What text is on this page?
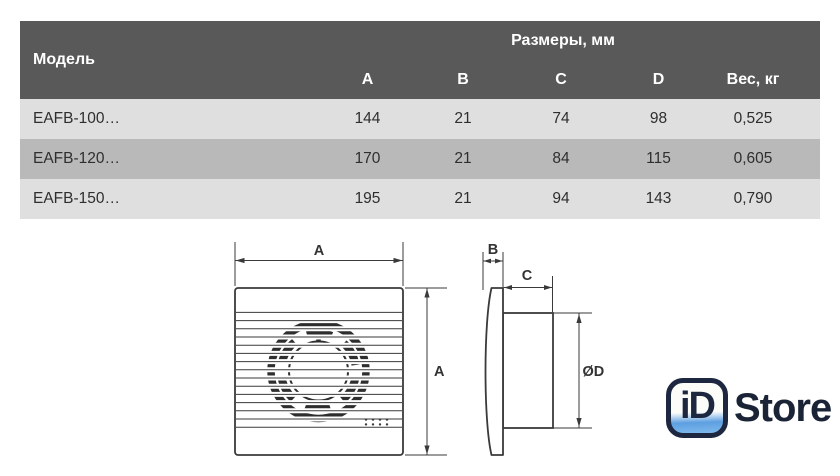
Модель	Размеры, мм				
	A	B	C	D	Вес, кг
EAFB-100…	144	21	74	98	0,525
EAFB-120…	170	21	84	115	0,605
EAFB-150…	195	21	94	143	0,790
A
A
B
C
ØD
iD Store
